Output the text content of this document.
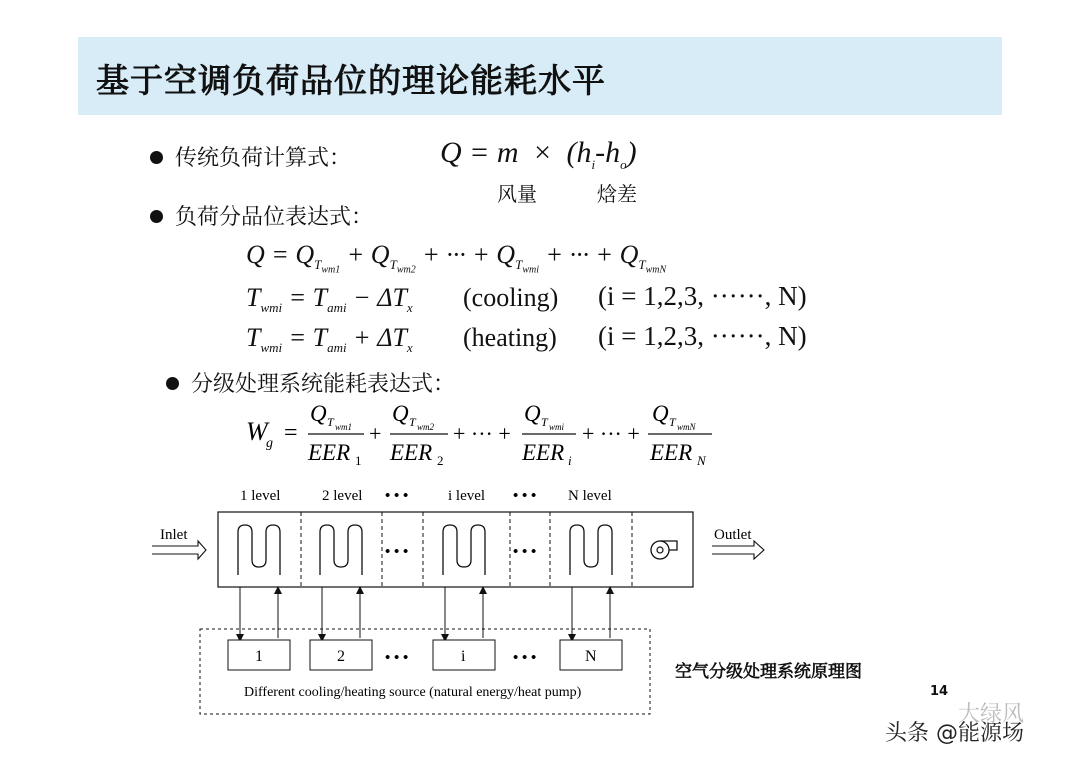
基于空调负荷品位的理论能耗水平
传统负荷计算式：	$Q = m \times (h_i-h_o)$
风量	焓差
负荷分品位表达式：
$Q = Q_{T_{wm1}} + Q_{T_{wm2}}$ + ··· + $Q_{T_{wmi}}$ + ··· + $Q_{T_{wmN}}$
$T_{wmi} = T_{ami} - \Delta T_x$ (cooling) (i = 1,2,3, ······, N)
$T_{wmi} = T_{ami} + \Delta T_x$ (heating) (i = 1,2,3, ······, N)
分级处理系统能耗表达式：
W
g =
Q T wm1
EER 1
+
Q T wm2
EER 2
+ ··· +
Q T wmi
EER i
+ ··· +
Q T wmN
EER N
1 level	2 level • • •	i level • • • N level
• • •	• • •
Inlet	Outlet
1	2	• • •	i	• • •	N
Different cooling/heating source (natural energy/heat pump)
空气分级处理系统原理图
14
大绿风
头条 @能源场
